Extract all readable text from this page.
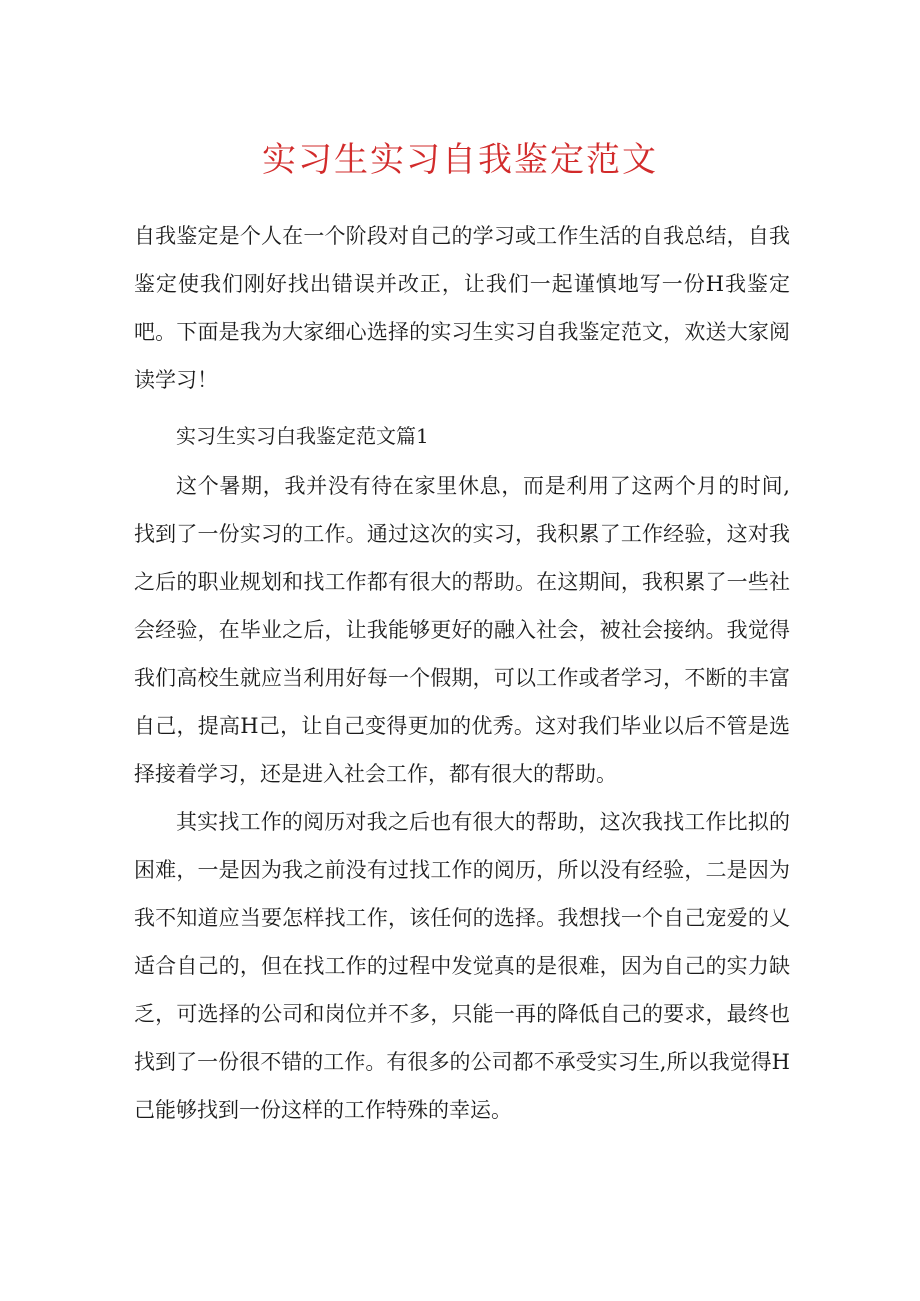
实习生实习自我鉴定范文

自我鉴定是个人在一个阶段对自己的学习或工作生活的自我总结，自我鉴定使我们刚好找出错误并改正，让我们一起谨慎地写一份H我鉴定吧。下面是我为大家细心选择的实习生实习自我鉴定范文，欢送大家阅读学习！

实习生实习白我鉴定范文篇1

这个暑期，我并没有待在家里休息，而是利用了这两个月的时间,找到了一份实习的工作。通过这次的实习，我积累了工作经验，这对我之后的职业规划和找工作都有很大的帮助。在这期间，我积累了一些社会经验，在毕业之后，让我能够更好的融入社会，被社会接纳。我觉得我们高校生就应当利用好每一个假期，可以工作或者学习，不断的丰富自己，提高H己，让自己变得更加的优秀。这对我们毕业以后不管是选择接着学习，还是进入社会工作，都有很大的帮助。

其实找工作的阅历对我之后也有很大的帮助，这次我找工作比拟的困难，一是因为我之前没有过找工作的阅历，所以没有经验，二是因为我不知道应当要怎样找工作，该任何的选择。我想找一个自己宠爱的乂适合自己的，但在找工作的过程中发觉真的是很难，因为自己的实力缺乏，可选择的公司和岗位并不多，只能一再的降低自己的要求，最终也找到了一份很不错的工作。有很多的公司都不承受实习生,所以我觉得H己能够找到一份这样的工作特殊的幸运。
